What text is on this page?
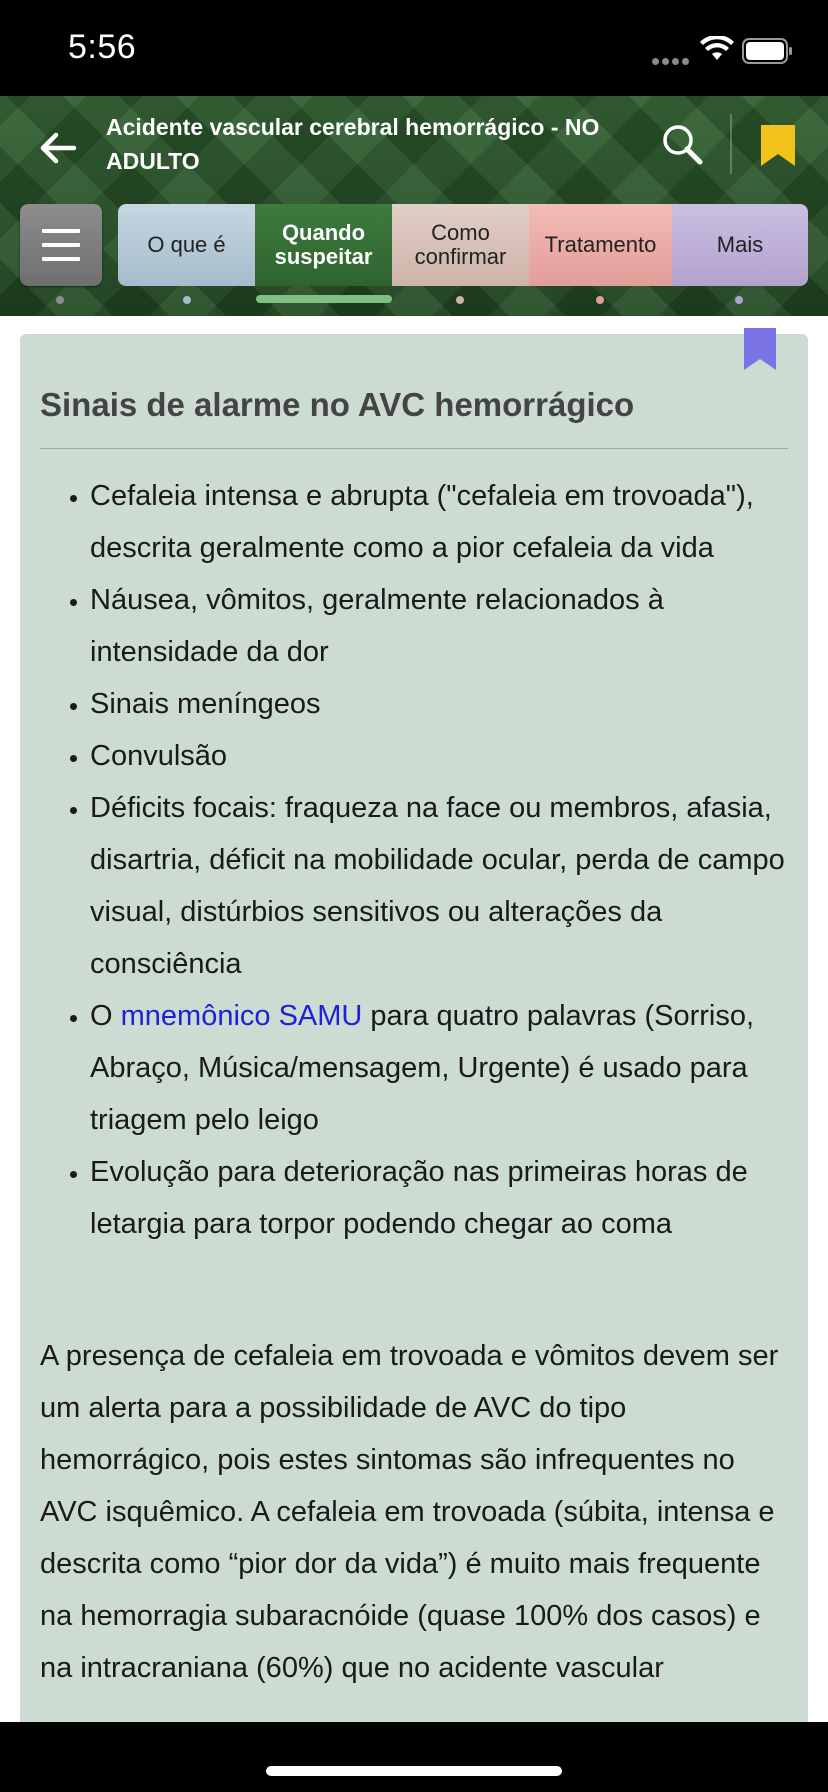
5:56
Acidente vascular cerebral hemorrágico - NO ADULTO
O que é	Quando suspeitar
Como confirmar	Tratamento	Mais
Sinais de alarme no AVC hemorrágico
• Cefaleia intensa e abrupta ("cefaleia em trovoada"), descrita geralmente como a pior cefaleia da vida
• Náusea, vômitos, geralmente relacionados à intensidade da dor
• Sinais meníngeos
• Convulsão
• Déficits focais: fraqueza na face ou membros, afasia, disartria, déficit na mobilidade ocular, perda de campo visual, distúrbios sensitivos ou alterações da consciência
• O mnemônico SAMU para quatro palavras (Sorriso, Abraço, Música/mensagem, Urgente) é usado para triagem pelo leigo
• Evolução para deterioração nas primeiras horas de letargia para torpor podendo chegar ao coma

A presença de cefaleia em trovoada e vômitos devem ser um alerta para a possibilidade de AVC do tipo hemorrágico, pois estes sintomas são infrequentes no AVC isquêmico. A cefaleia em trovoada (súbita, intensa e descrita como “pior dor da vida”) é muito mais frequente na hemorragia subaracnóide (quase 100% dos casos) e na intracraniana (60%) que no acidente vascular
